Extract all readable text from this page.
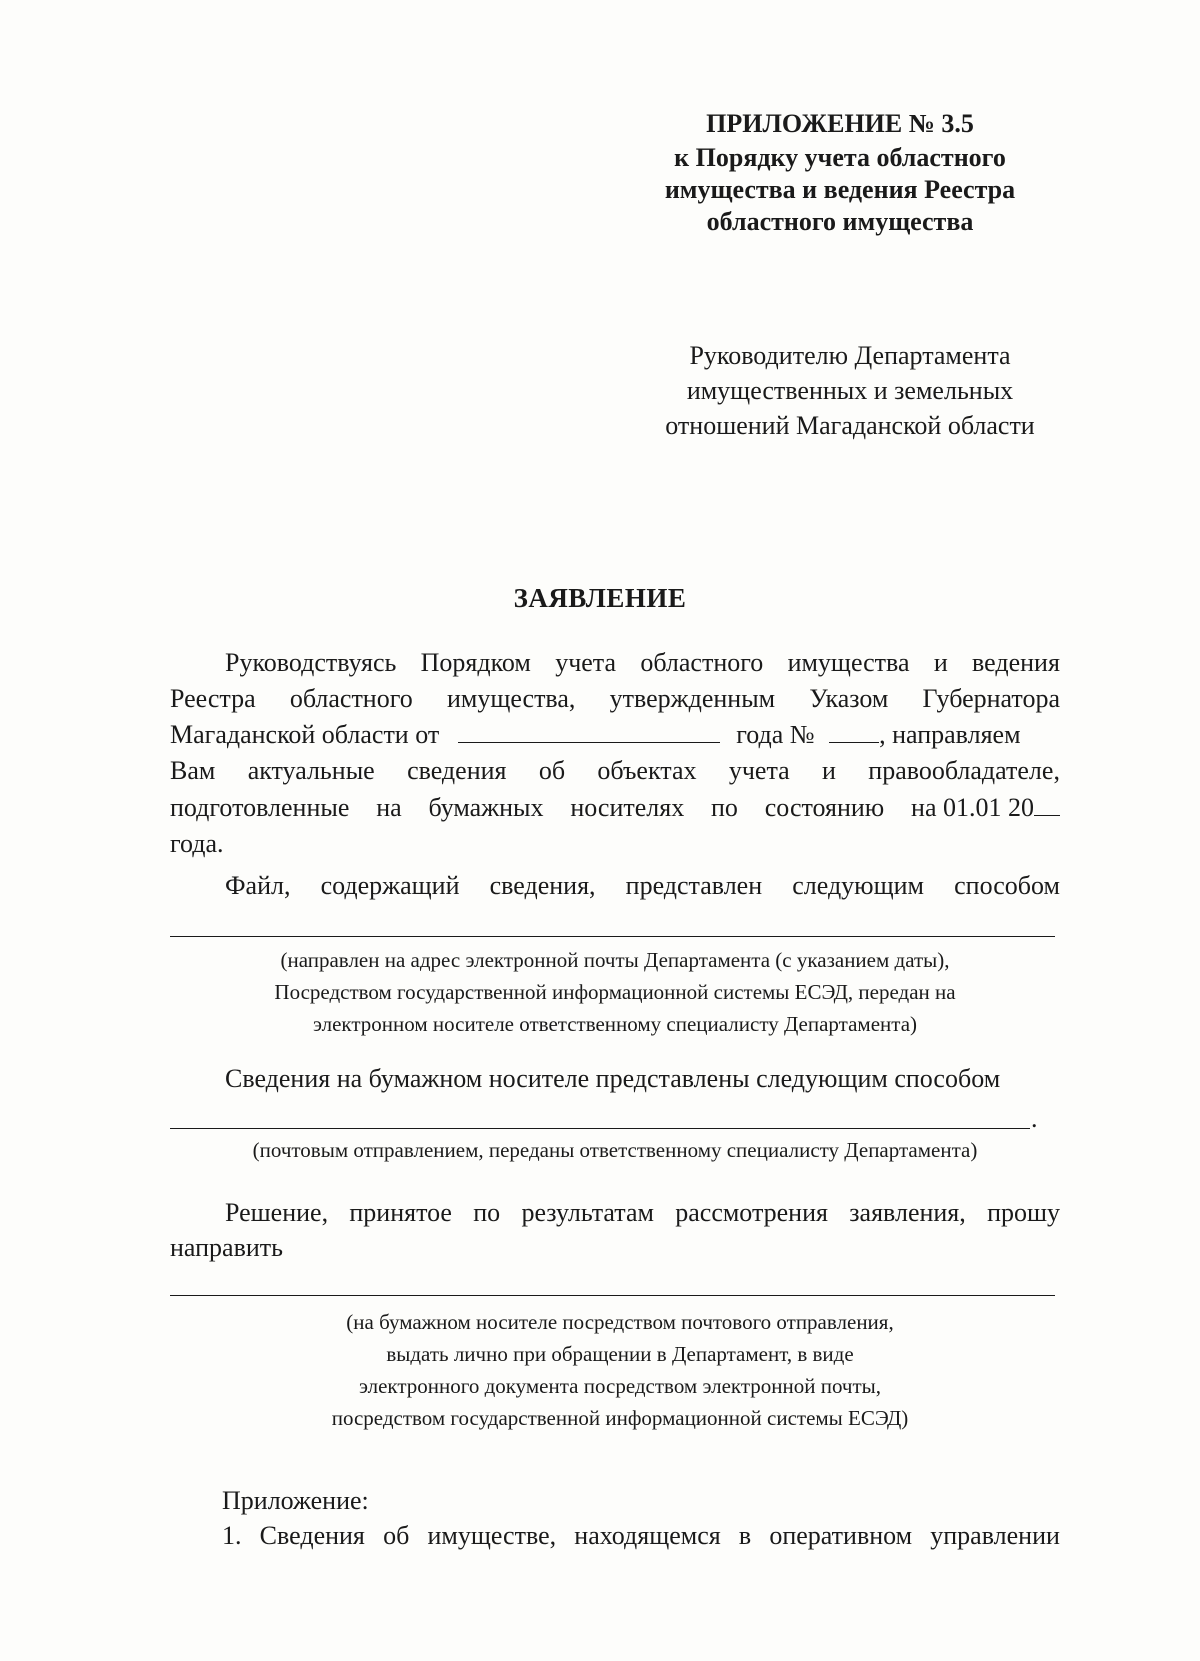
ПРИЛОЖЕНИЕ № 3.5
к Порядку учета областного
имущества и ведения Реестра
областного имущества
Руководителю Департамента
имущественных и земельных
отношений Магаданской области
ЗАЯВЛЕНИЕ
Руководствуясь Порядком учета областного имущества и ведения
Реестра областного имущества, утвержденным Указом Губернатора
Магаданской области от	года № , направляем
Вам актуальные сведения об объектах учета и правообладателе,
подготовленные на бумажных носителях по состоянию на 01.01 20
года.
Файл, содержащий сведения, представлен следующим способом
(направлен на адрес электронной почты Департамента (с указанием даты),
Посредством государственной информационной системы ЕСЭД, передан на
электронном носителе ответственному специалисту Департамента)
Сведения на бумажном носителе представлены следующим способом
.
(почтовым отправлением, переданы ответственному специалисту Департамента)
Решение, принятое по результатам рассмотрения заявления, прошу
направить
(на бумажном носителе посредством почтового отправления,
выдать лично при обращении в Департамент, в виде
электронного документа посредством электронной почты,
посредством государственной информационной системы ЕСЭД)
Приложение:
1. Сведения об имуществе, находящемся в оперативном управлении
